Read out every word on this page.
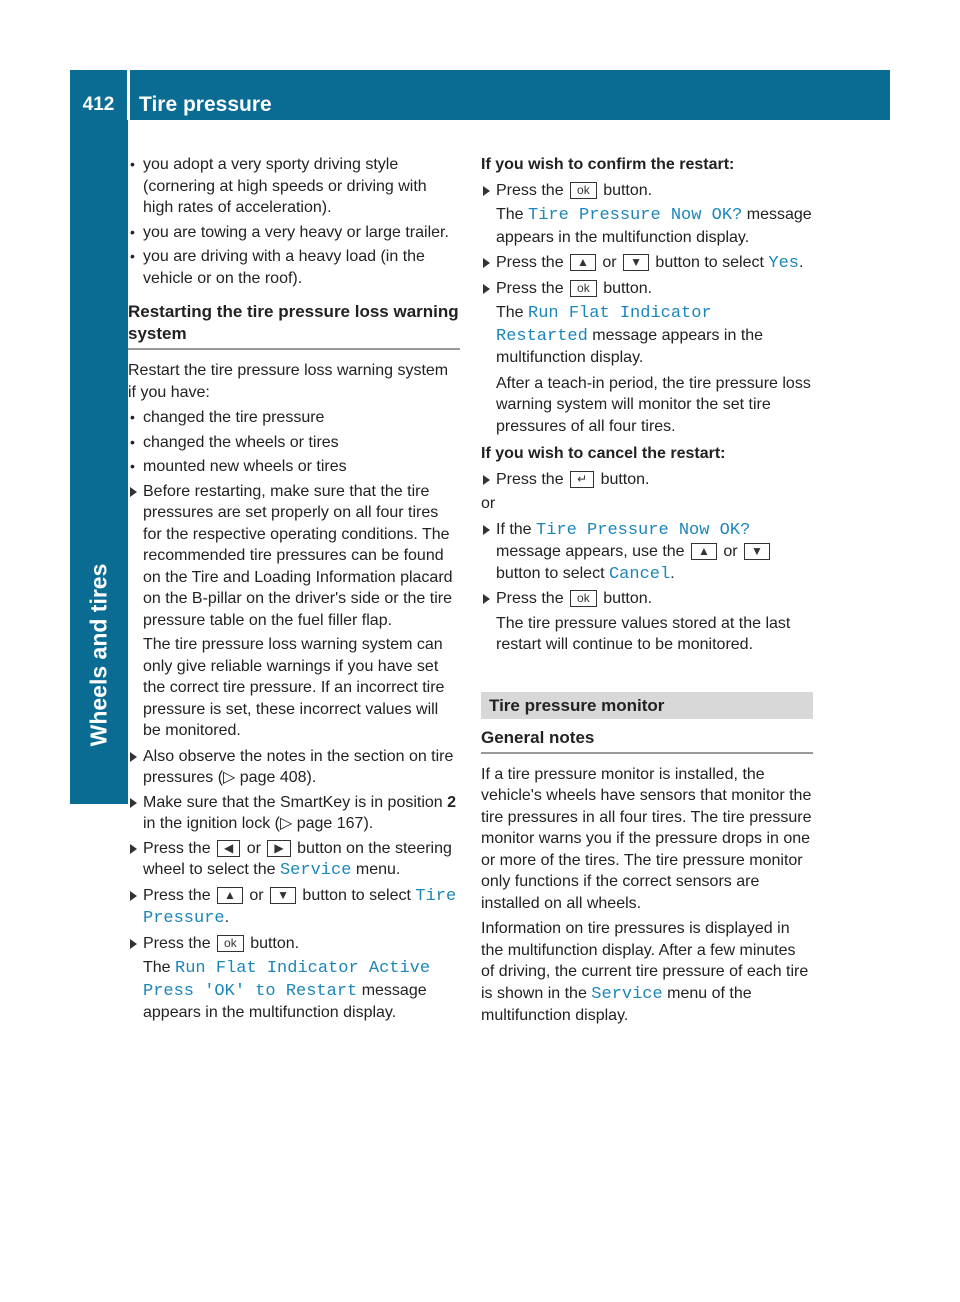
412	Tire pressure
Wheels and tires
• you adopt a very sporty driving style (cornering at high speeds or driving with high rates of acceleration).
• you are towing a very heavy or large trailer.
• you are driving with a heavy load (in the vehicle or on the roof).
Restarting the tire pressure loss warning system

Restart the tire pressure loss warning system if you have:

• changed the tire pressure
• changed the wheels or tires
• mounted new wheels or tires
Before restarting, make sure that the tire pressures are set properly on all four tires for the respective operating conditions. The recommended tire pressures can be found on the Tire and Loading Information placard on the B-pillar on the driver's side or the tire pressure table on the fuel filler flap.
The tire pressure loss warning system can only give reliable warnings if you have set the correct tire pressure. If an incorrect tire pressure is set, these incorrect values will be monitored.
Also observe the notes in the section on tire pressures (▷ page 408).
Make sure that the SmartKey is in position 2 in the ignition lock (▷ page 167).
Press the ◀ or ▶ button on the steering wheel to select the Service menu.
Press the ▲ or ▼ button to select Tire Pressure.
Press the ok button.
The Run Flat Indicator Active Press 'OK' to Restart message appears in the multifunction display.
If you wish to confirm the restart:
Press the ok button.
The Tire Pressure Now OK? message appears in the multifunction display.
Press the ▲ or ▼ button to select Yes.
Press the ok button.
The Run Flat Indicator Restarted message appears in the multifunction display.
After a teach-in period, the tire pressure loss warning system will monitor the set tire pressures of all four tires.
If you wish to cancel the restart:
Press the ↵ button.

or

If the Tire Pressure Now OK? message appears, use the ▲ or ▼ button to select Cancel.
Press the ok button.
The tire pressure values stored at the last restart will continue to be monitored.
Tire pressure monitor
General notes

If a tire pressure monitor is installed, the vehicle's wheels have sensors that monitor the tire pressures in all four tires. The tire pressure monitor warns you if the pressure drops in one or more of the tires. The tire pressure monitor only functions if the correct sensors are installed on all wheels.

Information on tire pressures is displayed in the multifunction display. After a few minutes of driving, the current tire pressure of each tire is shown in the Service menu of the multifunction display.
